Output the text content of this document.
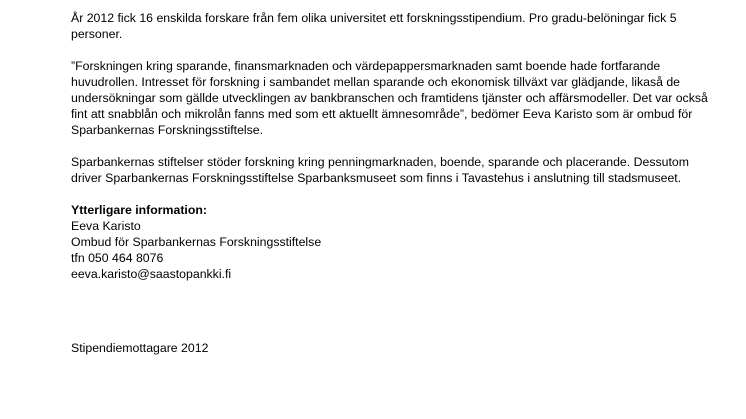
År 2012 fick 16 enskilda forskare från fem olika universitet ett forskningsstipendium. Pro gradu-belöningar fick 5 personer.

”Forskningen kring sparande, finansmarknaden och värdepappersmarknaden samt boende hade fortfarande huvudrollen. Intresset för forskning i sambandet mellan sparande och ekonomisk tillväxt var glädjande, likaså de undersökningar som gällde utvecklingen av bankbranschen och framtidens tjänster och affärsmodeller. Det var också fint att snabblån och mikrolån fanns med som ett aktuellt ämnesområde”, bedömer Eeva Karisto som är ombud för Sparbankernas Forskningsstiftelse.

Sparbankernas stiftelser stöder forskning kring penningmarknaden, boende, sparande och placerande. Dessutom driver Sparbankernas Forskningsstiftelse Sparbanksmuseet som finns i Tavastehus i anslutning till stadsmuseet.

Ytterligare information:
Eeva Karisto
Ombud för Sparbankernas Forskningsstiftelse
tfn 050 464 8076
eeva.karisto@saastopankki.fi
Stipendiemottagare 2012
